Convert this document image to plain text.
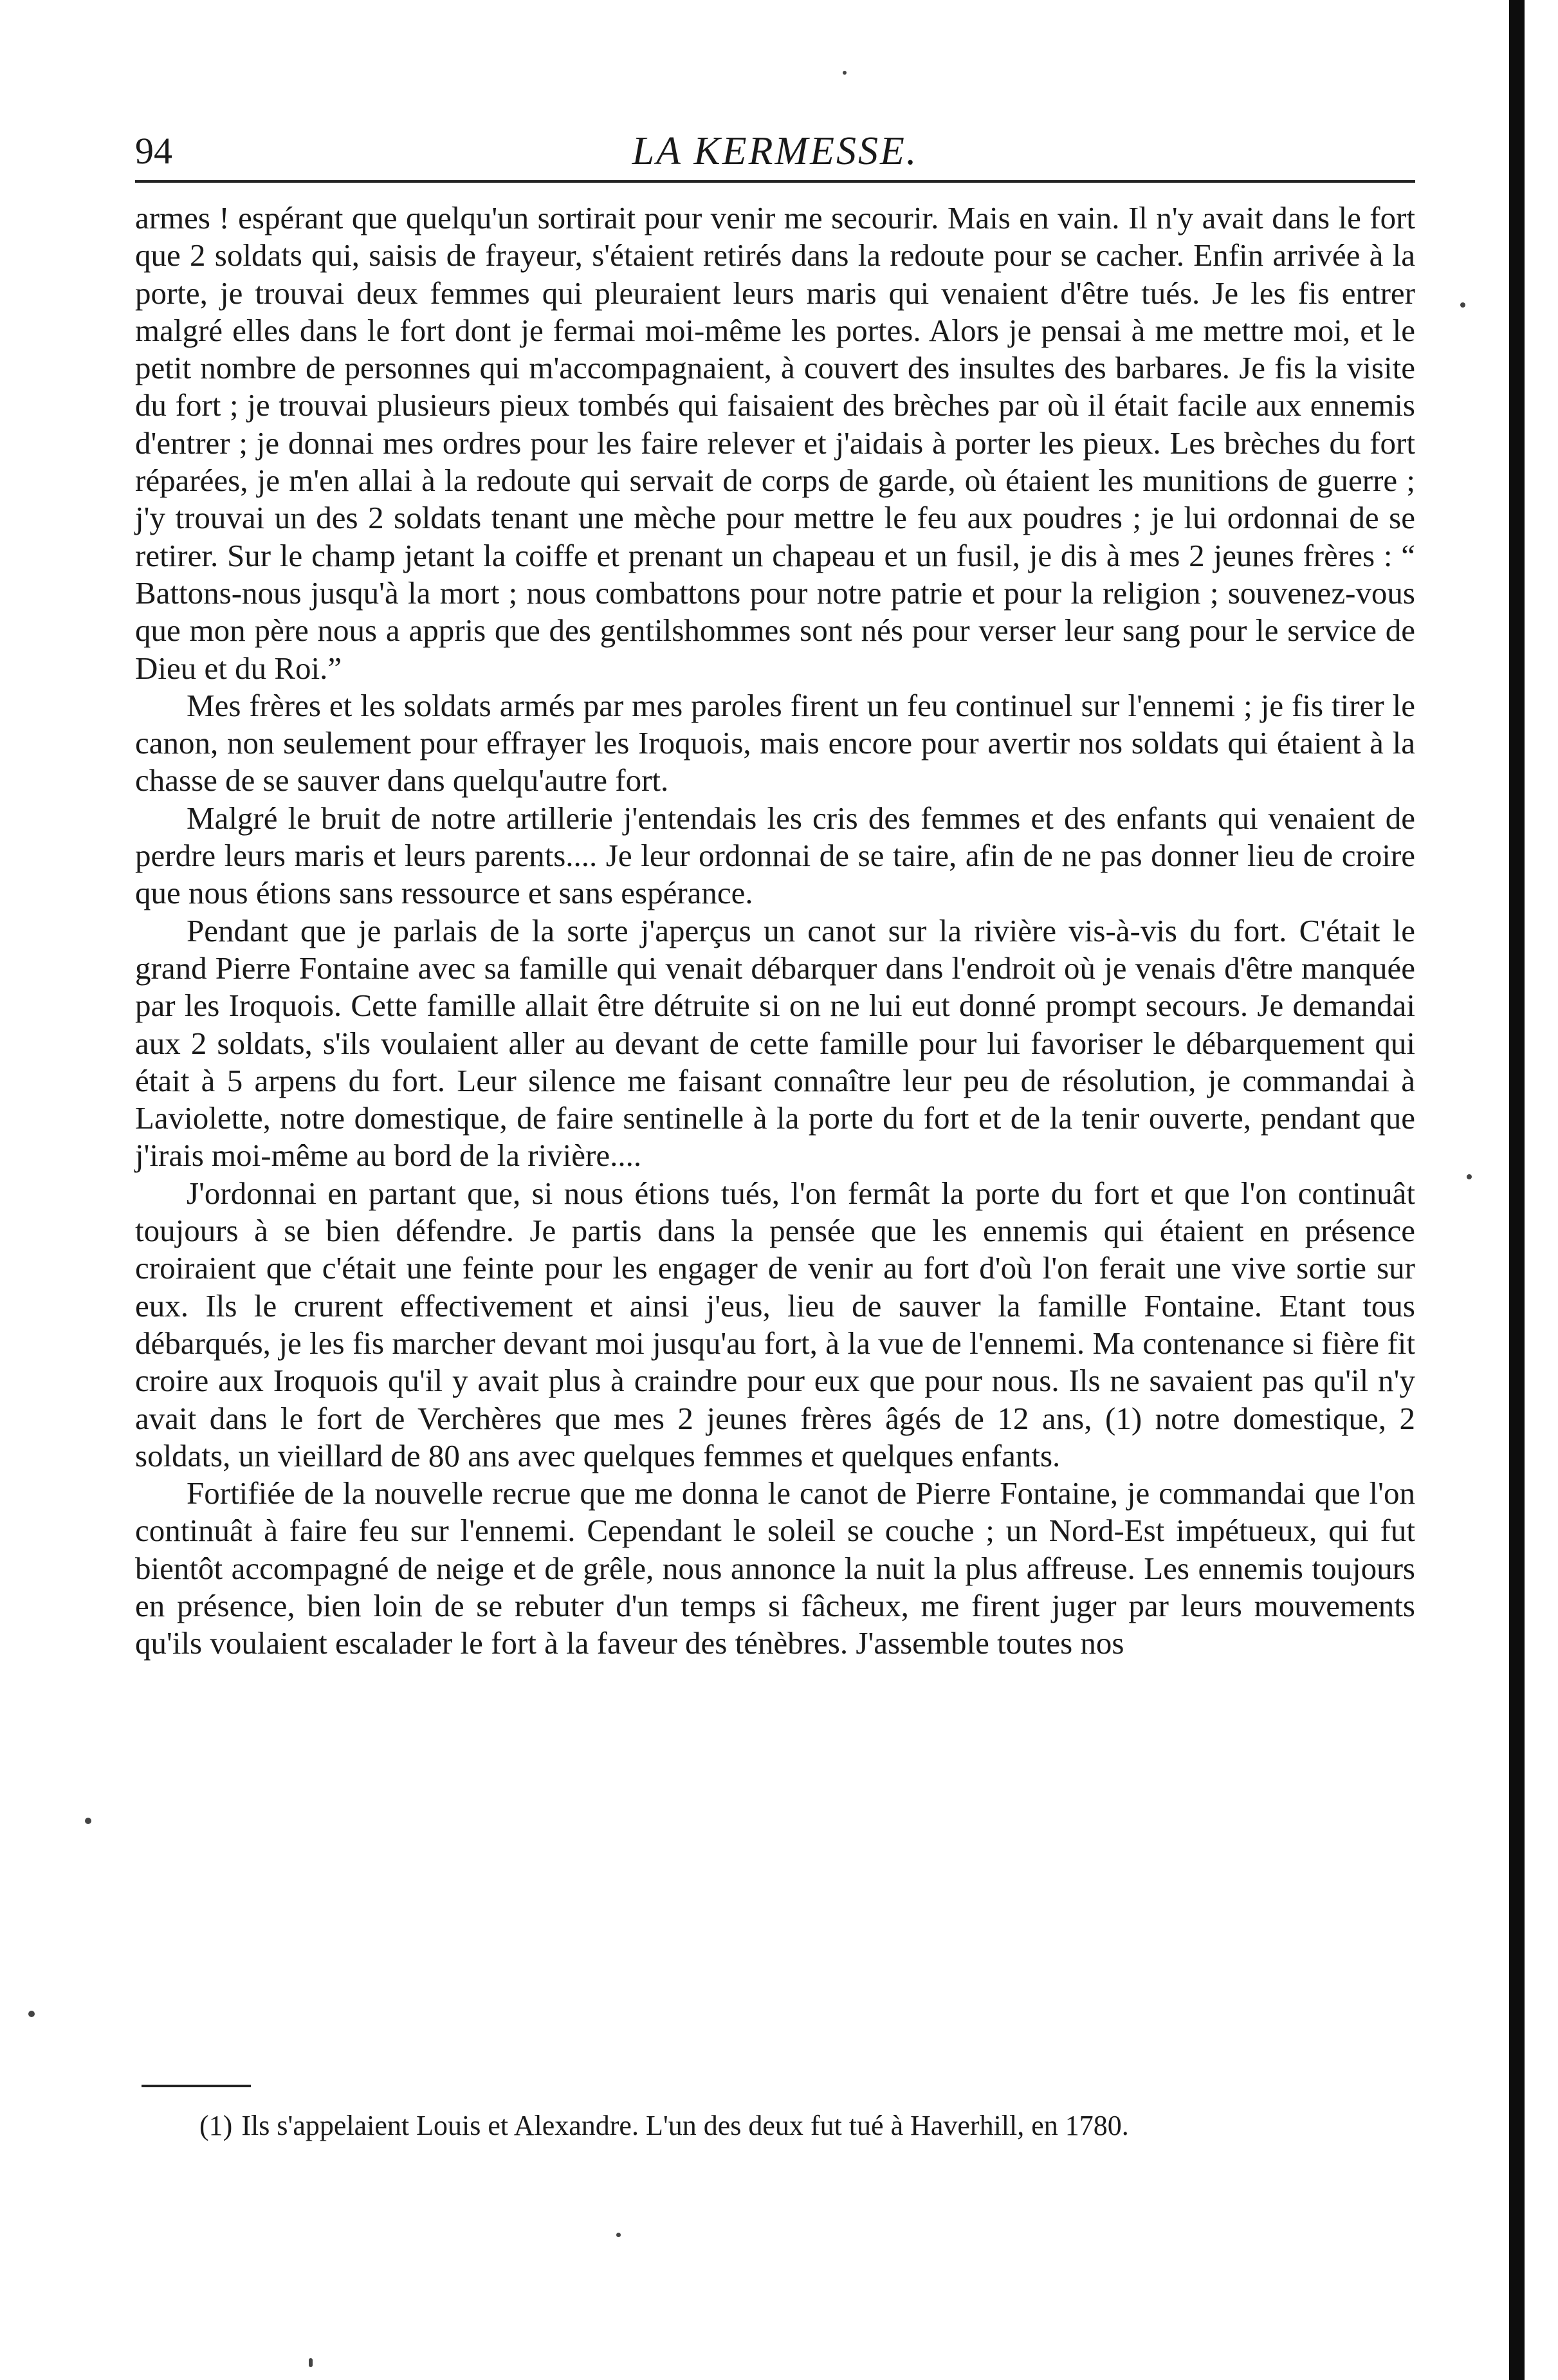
94	LA KERMESSE.

armes ! espérant que quelqu'un sortirait pour venir me secourir. Mais en vain. Il n'y avait dans le fort que 2 soldats qui, saisis de frayeur, s'étaient retirés dans la redoute pour se cacher. Enfin arrivée à la porte, je trouvai deux femmes qui pleuraient leurs maris qui venaient d'être tués. Je les fis entrer malgré elles dans le fort dont je fermai moi-même les portes. Alors je pensai à me mettre moi, et le petit nombre de personnes qui m'accompagnaient, à couvert des insultes des barbares. Je fis la visite du fort ; je trouvai plusieurs pieux tombés qui faisaient des brèches par où il était facile aux ennemis d'entrer ; je donnai mes ordres pour les faire relever et j'aidais à porter les pieux. Les brèches du fort réparées, je m'en allai à la redoute qui servait de corps de garde, où étaient les munitions de guerre ; j'y trouvai un des 2 soldats tenant une mèche pour mettre le feu aux poudres ; je lui ordonnai de se retirer. Sur le champ jetant la coiffe et prenant un chapeau et un fusil, je dis à mes 2 jeunes frères : “ Battons-nous jusqu'à la mort ; nous combattons pour notre patrie et pour la religion ; souvenez-vous que mon père nous a appris que des gentilshommes sont nés pour verser leur sang pour le service de Dieu et du Roi.”

Mes frères et les soldats armés par mes paroles firent un feu continuel sur l'ennemi ; je fis tirer le canon, non seulement pour effrayer les Iroquois, mais encore pour avertir nos soldats qui étaient à la chasse de se sauver dans quelqu'autre fort.

Malgré le bruit de notre artillerie j'entendais les cris des femmes et des enfants qui venaient de perdre leurs maris et leurs parents.... Je leur ordonnai de se taire, afin de ne pas donner lieu de croire que nous étions sans ressource et sans espérance.

Pendant que je parlais de la sorte j'aperçus un canot sur la rivière vis-à-vis du fort. C'était le grand Pierre Fontaine avec sa famille qui venait débarquer dans l'endroit où je venais d'être manquée par les Iroquois. Cette famille allait être détruite si on ne lui eut donné prompt secours. Je demandai aux 2 soldats, s'ils voulaient aller au devant de cette famille pour lui favoriser le débarquement qui était à 5 arpens du fort. Leur silence me faisant connaître leur peu de résolution, je commandai à Laviolette, notre domestique, de faire sentinelle à la porte du fort et de la tenir ouverte, pendant que j'irais moi-même au bord de la rivière....

J'ordonnai en partant que, si nous étions tués, l'on fermât la porte du fort et que l'on continuât toujours à se bien défendre. Je partis dans la pensée que les ennemis qui étaient en présence croiraient que c'était une feinte pour les engager de venir au fort d'où l'on ferait une vive sortie sur eux. Ils le crurent effectivement et ainsi j'eus, lieu de sauver la famille Fontaine. Etant tous débarqués, je les fis marcher devant moi jusqu'au fort, à la vue de l'ennemi. Ma contenance si fière fit croire aux Iroquois qu'il y avait plus à craindre pour eux que pour nous. Ils ne savaient pas qu'il n'y avait dans le fort de Verchères que mes 2 jeunes frères âgés de 12 ans, (1) notre domestique, 2 soldats, un vieillard de 80 ans avec quelques femmes et quelques enfants.

Fortifiée de la nouvelle recrue que me donna le canot de Pierre Fontaine, je commandai que l'on continuât à faire feu sur l'ennemi. Cependant le soleil se couche ; un Nord-Est impétueux, qui fut bientôt accompagné de neige et de grêle, nous annonce la nuit la plus affreuse. Les ennemis toujours en présence, bien loin de se rebuter d'un temps si fâcheux, me firent juger par leurs mouvements qu'ils voulaient escalader le fort à la faveur des ténèbres. J'assemble toutes nos

(1) Ils s'appelaient Louis et Alexandre. L'un des deux fut tué à Haverhill, en 1780.
